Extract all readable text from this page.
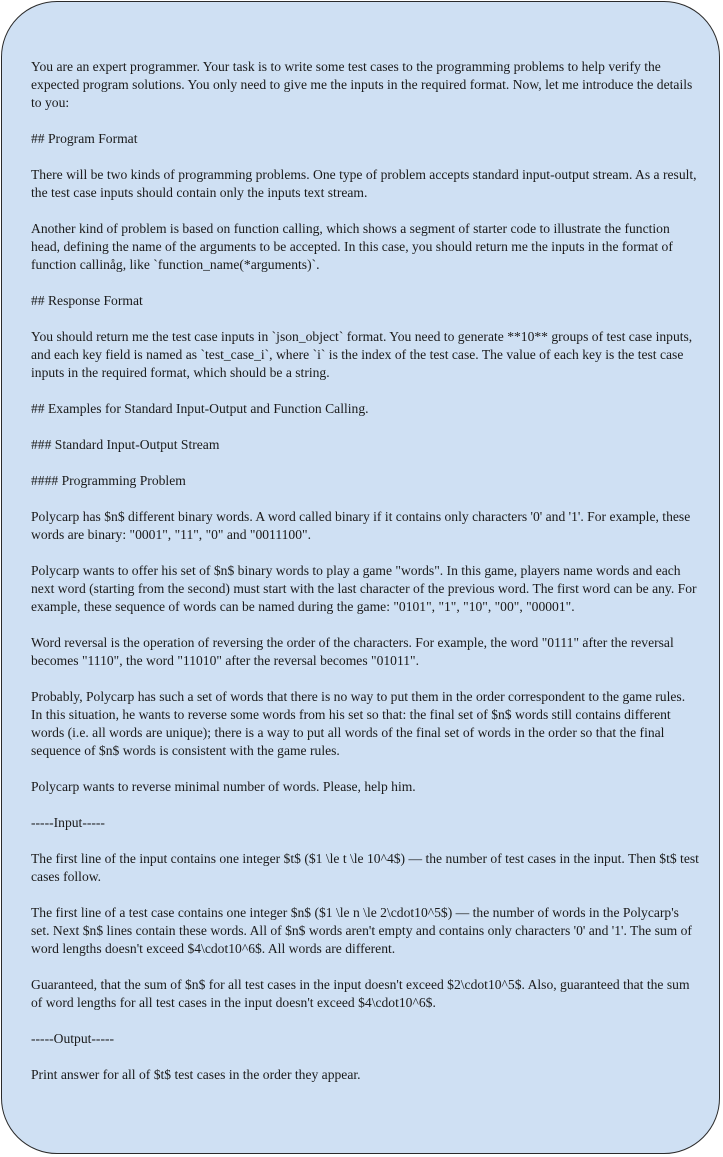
You are an expert programmer. Your task is to write some test cases to the programming problems to help verify the expected program solutions. You only need to give me the inputs in the required format. Now, let me introduce the details to you:

## Program Format

There will be two kinds of programming problems. One type of problem accepts standard input-output stream. As a result, the test case inputs should contain only the inputs text stream.

Another kind of problem is based on function calling, which shows a segment of starter code to illustrate the function head, defining the name of the arguments to be accepted. In this case, you should return me the inputs in the format of function callinåg, like `function_name(*arguments)`.

## Response Format

You should return me the test case inputs in `json_object` format. You need to generate **10** groups of test case inputs, and each key field is named as `test_case_i`, where `i` is the index of the test case. The value of each key is the test case inputs in the required format, which should be a string.

## Examples for Standard Input-Output and Function Calling.

### Standard Input-Output Stream

#### Programming Problem

Polycarp has $n$ different binary words. A word called binary if it contains only characters '0' and '1'. For example, these words are binary: "0001", "11", "0" and "0011100".

Polycarp wants to offer his set of $n$ binary words to play a game "words". In this game, players name words and each next word (starting from the second) must start with the last character of the previous word. The first word can be any. For example, these sequence of words can be named during the game: "0101", "1", "10", "00", "00001".

Word reversal is the operation of reversing the order of the characters. For example, the word "0111" after the reversal becomes "1110", the word "11010" after the reversal becomes "01011".

Probably, Polycarp has such a set of words that there is no way to put them in the order correspondent to the game rules. In this situation, he wants to reverse some words from his set so that: the final set of $n$ words still contains different words (i.e. all words are unique); there is a way to put all words of the final set of words in the order so that the final sequence of $n$ words is consistent with the game rules.

Polycarp wants to reverse minimal number of words. Please, help him.

-----Input-----

The first line of the input contains one integer $t$ ($1 \le t \le 10^4$) — the number of test cases in the input. Then $t$ test cases follow.

The first line of a test case contains one integer $n$ ($1 \le n \le 2\cdot10^5$) — the number of words in the Polycarp's set. Next $n$ lines contain these words. All of $n$ words aren't empty and contains only characters '0' and '1'. The sum of word lengths doesn't exceed $4\cdot10^6$. All words are different.

Guaranteed, that the sum of $n$ for all test cases in the input doesn't exceed $2\cdot10^5$. Also, guaranteed that the sum of word lengths for all test cases in the input doesn't exceed $4\cdot10^6$.

-----Output-----

Print answer for all of $t$ test cases in the order they appear.
